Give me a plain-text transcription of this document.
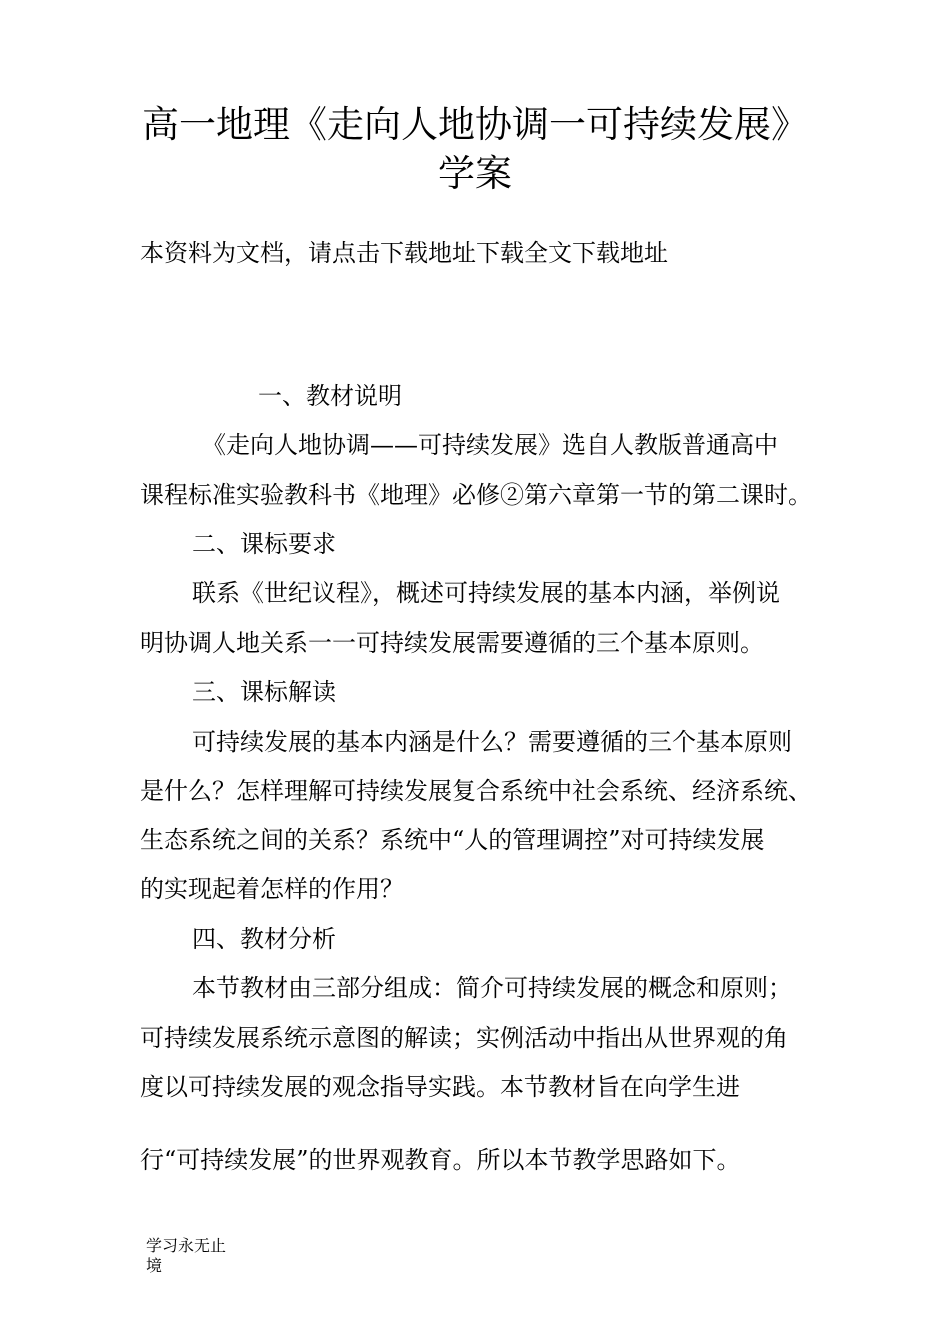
高一地理《走向人地协调一可持续发展》
学案
本资料为文档，请点击下载地址下载全文下载地址
一、教材说明
《走向人地协调——可持续发展》选自人教版普通高中
课程标准实验教科书《地理》必修②第六章第一节的第二课时。
二、课标要求
联系《世纪议程》，概述可持续发展的基本内涵，举例说
明协调人地关系一一可持续发展需要遵循的三个基本原则。
三、课标解读
可持续发展的基本内涵是什么？需要遵循的三个基本原则
是什么？怎样理解可持续发展复合系统中社会系统、经济系统、
生态系统之间的关系？系统中“人的管理调控”对可持续发展
的实现起着怎样的作用？
四、教材分析
本节教材由三部分组成：简介可持续发展的概念和原则；
可持续发展系统示意图的解读；实例活动中指出从世界观的角
度以可持续发展的观念指导实践。本节教材旨在向学生进
行“可持续发展”的世界观教育。所以本节教学思路如下。
学习永无止
境
